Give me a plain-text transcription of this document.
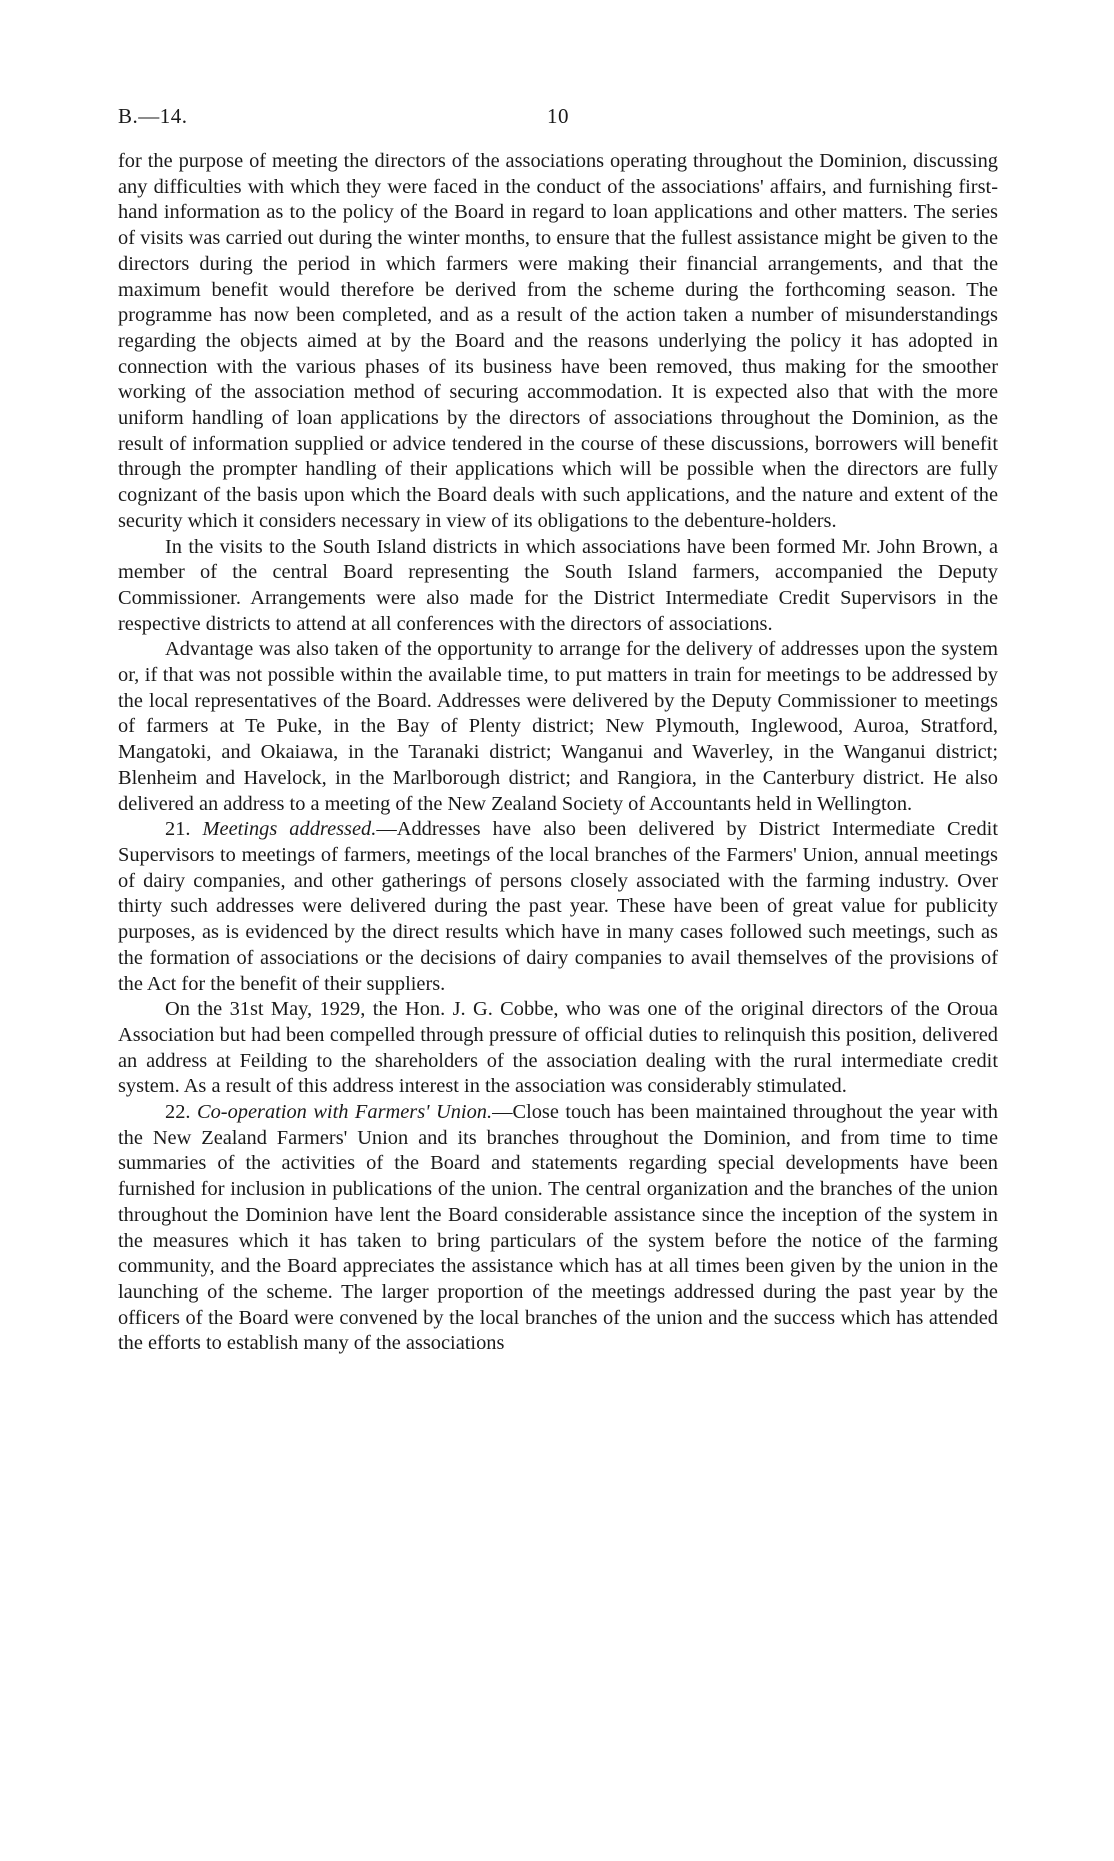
B.—14.	10

for the purpose of meeting the directors of the associations operating throughout the Dominion, discussing any difficulties with which they were faced in the conduct of the associations' affairs, and furnishing first-hand information as to the policy of the Board in regard to loan applications and other matters. The series of visits was carried out during the winter months, to ensure that the fullest assistance might be given to the directors during the period in which farmers were making their financial arrangements, and that the maximum benefit would therefore be derived from the scheme during the forthcoming season. The programme has now been completed, and as a result of the action taken a number of misunderstandings regarding the objects aimed at by the Board and the reasons underlying the policy it has adopted in connection with the various phases of its business have been removed, thus making for the smoother working of the association method of securing accommodation. It is expected also that with the more uniform handling of loan applications by the directors of associations throughout the Dominion, as the result of information supplied or advice tendered in the course of these discussions, borrowers will benefit through the prompter handling of their applications which will be possible when the directors are fully cognizant of the basis upon which the Board deals with such applications, and the nature and extent of the security which it considers necessary in view of its obligations to the debenture-holders.

In the visits to the South Island districts in which associations have been formed Mr. John Brown, a member of the central Board representing the South Island farmers, accompanied the Deputy Commissioner. Arrangements were also made for the District Intermediate Credit Supervisors in the respective districts to attend at all conferences with the directors of associations.

Advantage was also taken of the opportunity to arrange for the delivery of addresses upon the system or, if that was not possible within the available time, to put matters in train for meetings to be addressed by the local representatives of the Board. Addresses were delivered by the Deputy Commissioner to meetings of farmers at Te Puke, in the Bay of Plenty district; New Plymouth, Inglewood, Auroa, Stratford, Mangatoki, and Okaiawa, in the Taranaki district; Wanganui and Waverley, in the Wanganui district; Blenheim and Havelock, in the Marlborough district; and Rangiora, in the Canterbury district. He also delivered an address to a meeting of the New Zealand Society of Accountants held in Wellington.

21. Meetings addressed.—Addresses have also been delivered by District Intermediate Credit Supervisors to meetings of farmers, meetings of the local branches of the Farmers' Union, annual meetings of dairy companies, and other gatherings of persons closely associated with the farming industry. Over thirty such addresses were delivered during the past year. These have been of great value for publicity purposes, as is evidenced by the direct results which have in many cases followed such meetings, such as the formation of associations or the decisions of dairy companies to avail themselves of the provisions of the Act for the benefit of their suppliers.

On the 31st May, 1929, the Hon. J. G. Cobbe, who was one of the original directors of the Oroua Association but had been compelled through pressure of official duties to relinquish this position, delivered an address at Feilding to the shareholders of the association dealing with the rural intermediate credit system. As a result of this address interest in the association was considerably stimulated.

22. Co-operation with Farmers' Union.—Close touch has been maintained throughout the year with the New Zealand Farmers' Union and its branches throughout the Dominion, and from time to time summaries of the activities of the Board and statements regarding special developments have been furnished for inclusion in publications of the union. The central organization and the branches of the union throughout the Dominion have lent the Board considerable assistance since the inception of the system in the measures which it has taken to bring particulars of the system before the notice of the farming community, and the Board appreciates the assistance which has at all times been given by the union in the launching of the scheme. The larger proportion of the meetings addressed during the past year by the officers of the Board were convened by the local branches of the union and the success which has attended the efforts to establish many of the associations
